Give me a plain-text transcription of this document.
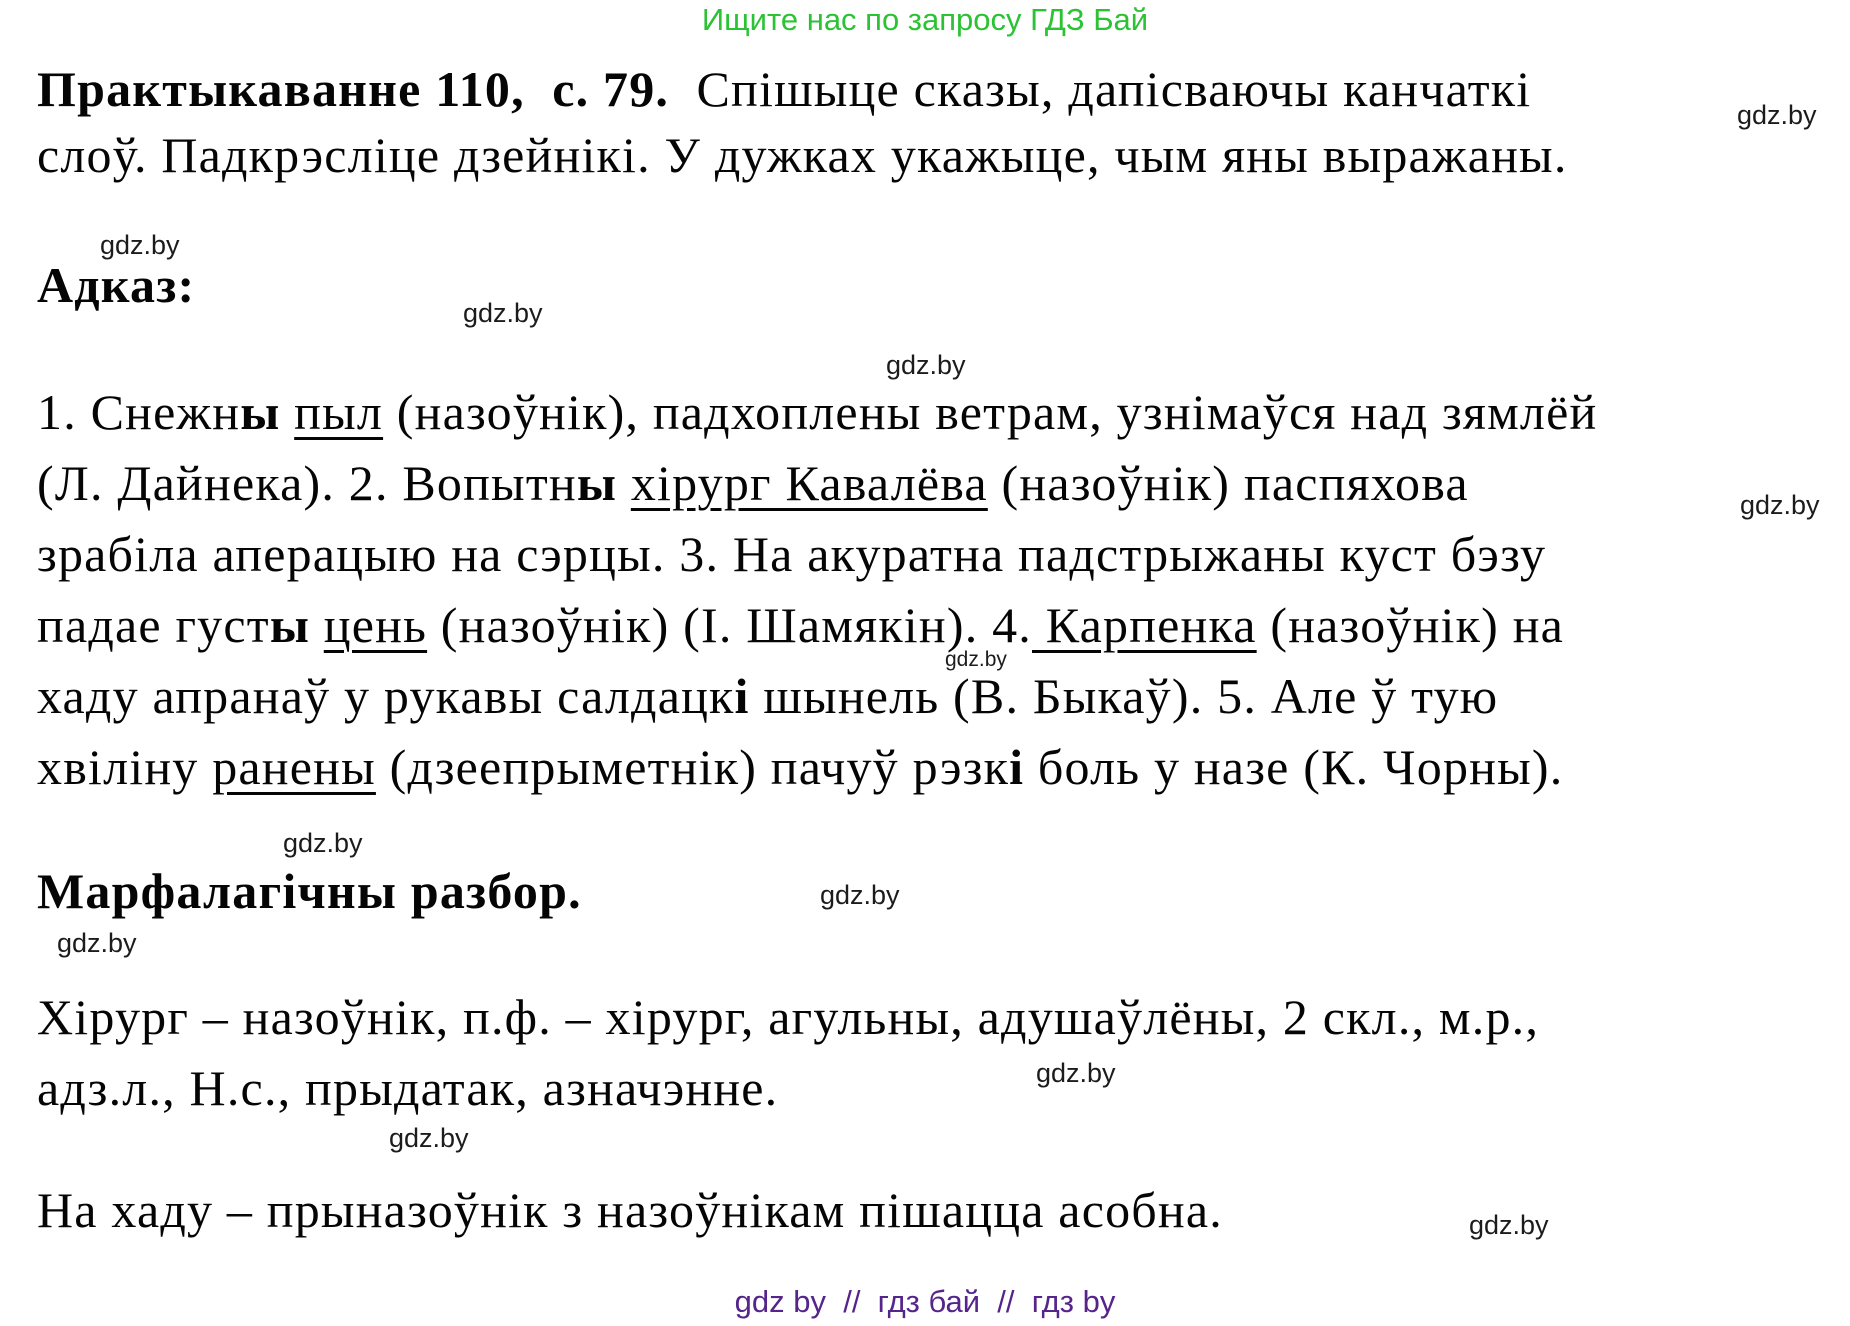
Ищите нас по запросу ГДЗ Бай
gdz.by
gdz.by
gdz.by
gdz.by
gdz.by
gdz.by
gdz.by
gdz.by
gdz.by
gdz.by
gdz.by
gdz.by
Практыкаванне 110,  с. 79.  Спішыце сказы, дапісваючы канчаткі
слоў. Падкрэсліце дзейнікі. У дужках укажыце, чым яны выражаны.
Адказ:
1. Снежны пыл (назоўнік), падхоплены ветрам, узнімаўся над зямлёй
(Л. Дайнека). 2. Вопытны хірург Кавалёва (назоўнік) паспяхова
зрабіла аперацыю на сэрцы. 3. На акуратна падстрыжаны куст бэзу
падае густы цень (назоўнік) (І. Шамякін). 4. Карпенка (назоўнік) на
хаду апранаў у рукавы салдацкі шынель (В. Быкаў). 5. Але ў тую
хвіліну ранены (дзеепрыметнік) пачуў рэзкі боль у назе (К. Чорны).
Марфалагічны разбор.
Хірург – назоўнік, п.ф. – хірург, агульны, адушаўлёны, 2 скл., м.р.,
адз.л., Н.с., прыдатак, азначэнне.
На хаду – прыназоўнік з назоўнікам пішацца асобна.
gdz by  //  гдз бай  //  гдз by
